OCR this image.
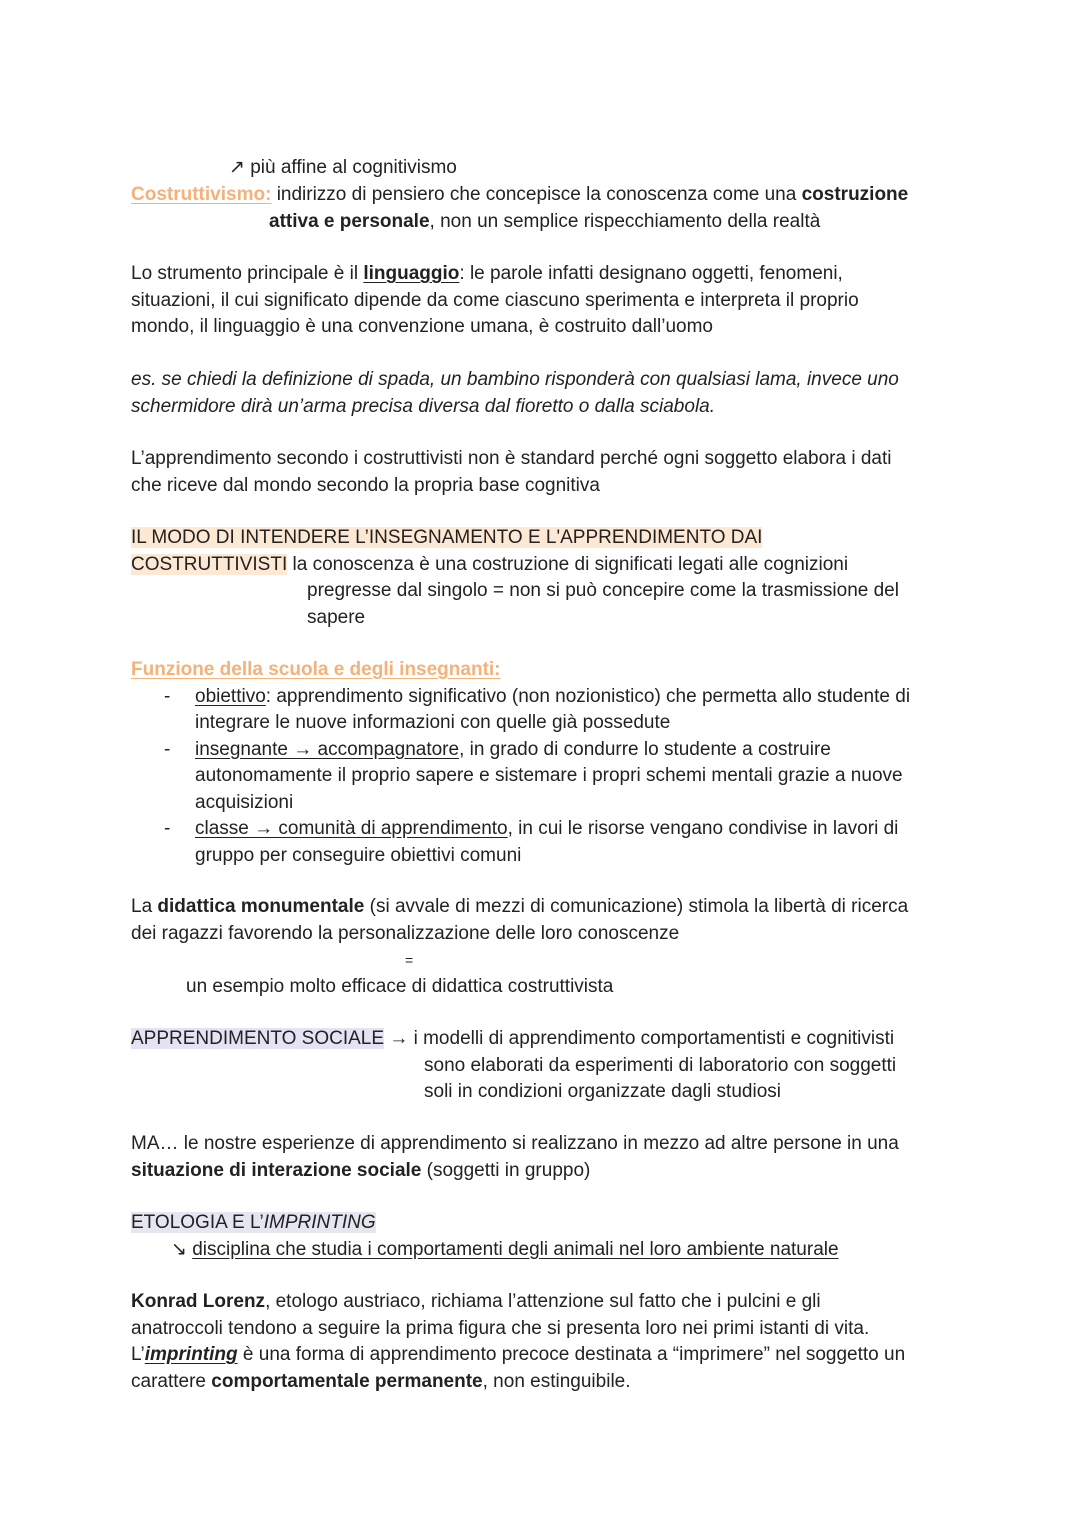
↗ più affine al cognitivismo
Costruttivismo: indirizzo di pensiero che concepisce la conoscenza come una costruzione
attiva e personale, non un semplice rispecchiamento della realtà
Lo strumento principale è il linguaggio: le parole infatti designano oggetti, fenomeni,
situazioni, il cui significato dipende da come ciascuno sperimenta e interpreta il proprio
mondo, il linguaggio è una convenzione umana, è costruito dall’uomo
es. se chiedi la definizione di spada, un bambino risponderà con qualsiasi lama, invece uno
schermidore dirà un’arma precisa diversa dal fioretto o dalla sciabola.
L’apprendimento secondo i costruttivisti non è standard perché ogni soggetto elabora i dati
che riceve dal mondo secondo la propria base cognitiva
IL MODO DI INTENDERE L’INSEGNAMENTO E L'APPRENDIMENTO DAI
COSTRUTTIVISTI la conoscenza è una costruzione di significati legati alle cognizioni
pregresse dal singolo = non si può concepire come la trasmissione del
sapere
Funzione della scuola e degli insegnanti:
- obiettivo: apprendimento significativo (non nozionistico) che permetta allo studente di
integrare le nuove informazioni con quelle già possedute
- insegnante → accompagnatore, in grado di condurre lo studente a costruire
autonomamente il proprio sapere e sistemare i propri schemi mentali grazie a nuove
acquisizioni
- classe → comunità di apprendimento, in cui le risorse vengano condivise in lavori di
gruppo per conseguire obiettivi comuni
La didattica monumentale (si avvale di mezzi di comunicazione) stimola la libertà di ricerca
dei ragazzi favorendo la personalizzazione delle loro conoscenze
=
un esempio molto efficace di didattica costruttivista
APPRENDIMENTO SOCIALE → i modelli di apprendimento comportamentisti e cognitivisti
sono elaborati da esperimenti di laboratorio con soggetti
soli in condizioni organizzate dagli studiosi
MA… le nostre esperienze di apprendimento si realizzano in mezzo ad altre persone in una
situazione di interazione sociale (soggetti in gruppo)
ETOLOGIA E L’IMPRINTING
↘ disciplina che studia i comportamenti degli animali nel loro ambiente naturale
Konrad Lorenz, etologo austriaco, richiama l’attenzione sul fatto che i pulcini e gli
anatroccoli tendono a seguire la prima figura che si presenta loro nei primi istanti di vita.
L’imprinting è una forma di apprendimento precoce destinata a “imprimere” nel soggetto un
carattere comportamentale permanente, non estinguibile.
